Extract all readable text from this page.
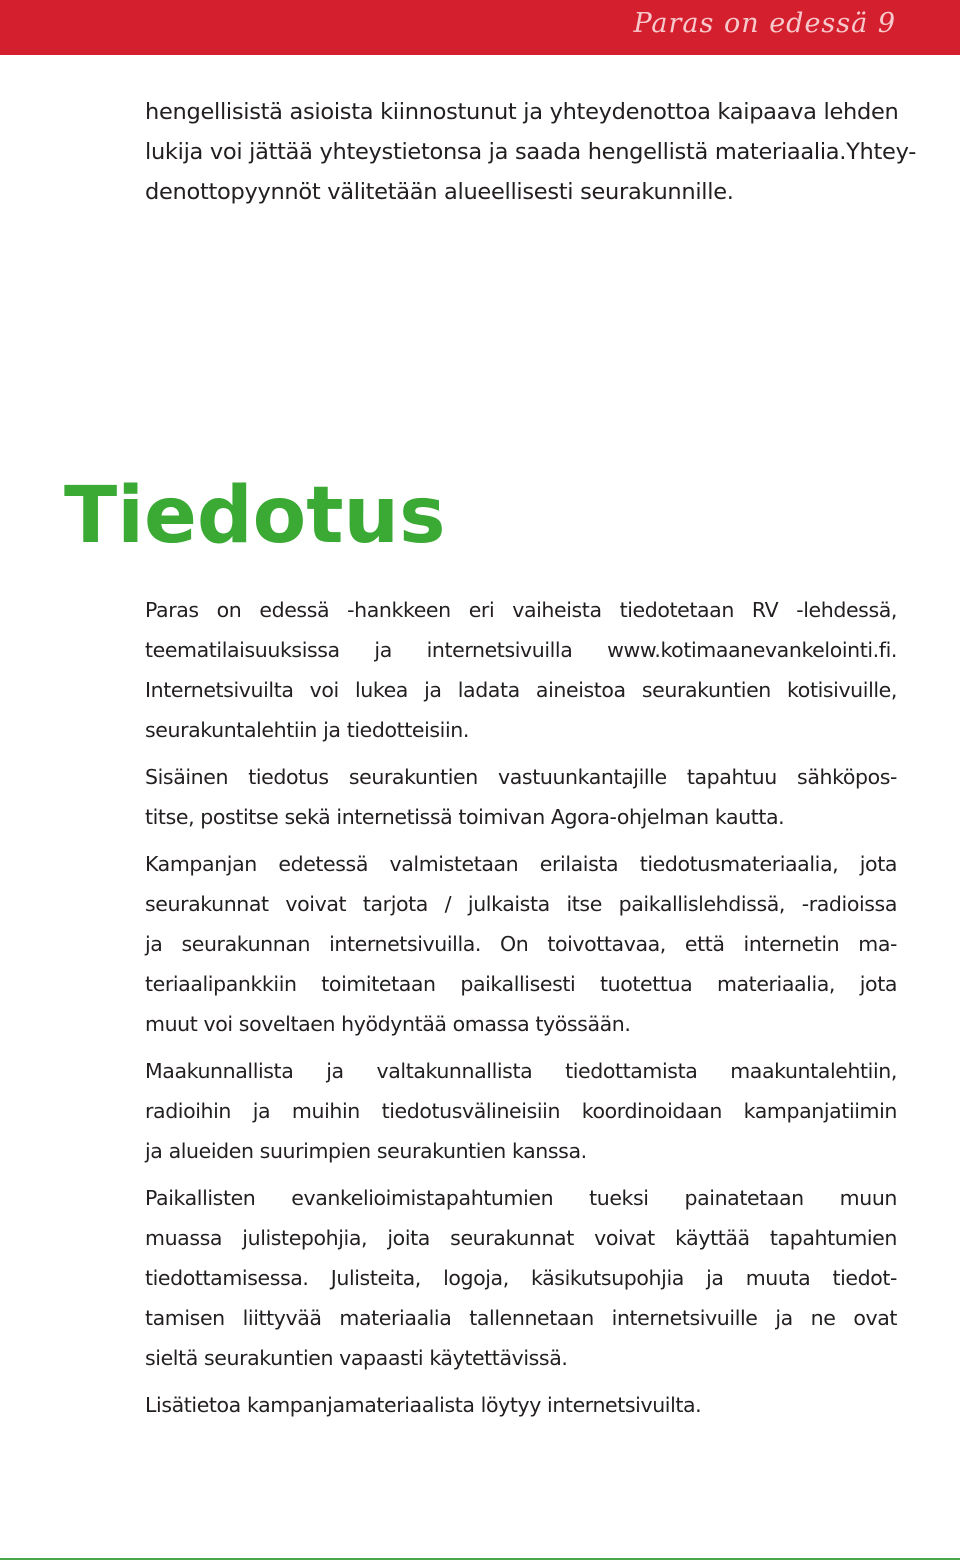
Paras on edessä 9

hengellisistä asioista kiinnostunut ja yhteydenottoa kaipaava lehden
lukija voi jättää yhteystietonsa ja saada hengellistä materiaalia.Yhtey-
denottopyynnöt välitetään alueellisesti seurakunnille.

Tiedotus

Paras on edessä -hankkeen eri vaiheista tiedotetaan RV -lehdessä,
teematilaisuuksissa ja internetsivuilla www.kotimaanevankelointi.fi.
Internetsivuilta voi lukea ja ladata aineistoa seurakuntien kotisivuille,
seurakuntalehtiin ja tiedotteisiin.

Sisäinen tiedotus seurakuntien vastuunkantajille tapahtuu sähköpos-
titse, postitse sekä internetissä toimivan Agora-ohjelman kautta.

Kampanjan edetessä valmistetaan erilaista tiedotusmateriaalia, jota
seurakunnat voivat tarjota / julkaista itse paikallislehdissä, -radioissa
ja seurakunnan internetsivuilla. On toivottavaa, että internetin ma-
teriaalipankkiin toimitetaan paikallisesti tuotettua materiaalia, jota
muut voi soveltaen hyödyntää omassa työssään.

Maakunnallista ja valtakunnallista tiedottamista maakuntalehtiin,
radioihin ja muihin tiedotusvälineisiin koordinoidaan kampanjatiimin
ja alueiden suurimpien seurakuntien kanssa.

Paikallisten evankelioimistapahtumien tueksi painatetaan muun
muassa julistepohjia, joita seurakunnat voivat käyttää tapahtumien
tiedottamisessa. Julisteita, logoja, käsikutsupohjia ja muuta tiedot-
tamisen liittyvää materiaalia tallennetaan internetsivuille ja ne ovat
sieltä seurakuntien vapaasti käytettävissä.

Lisätietoa kampanjamateriaalista löytyy internetsivuilta.
